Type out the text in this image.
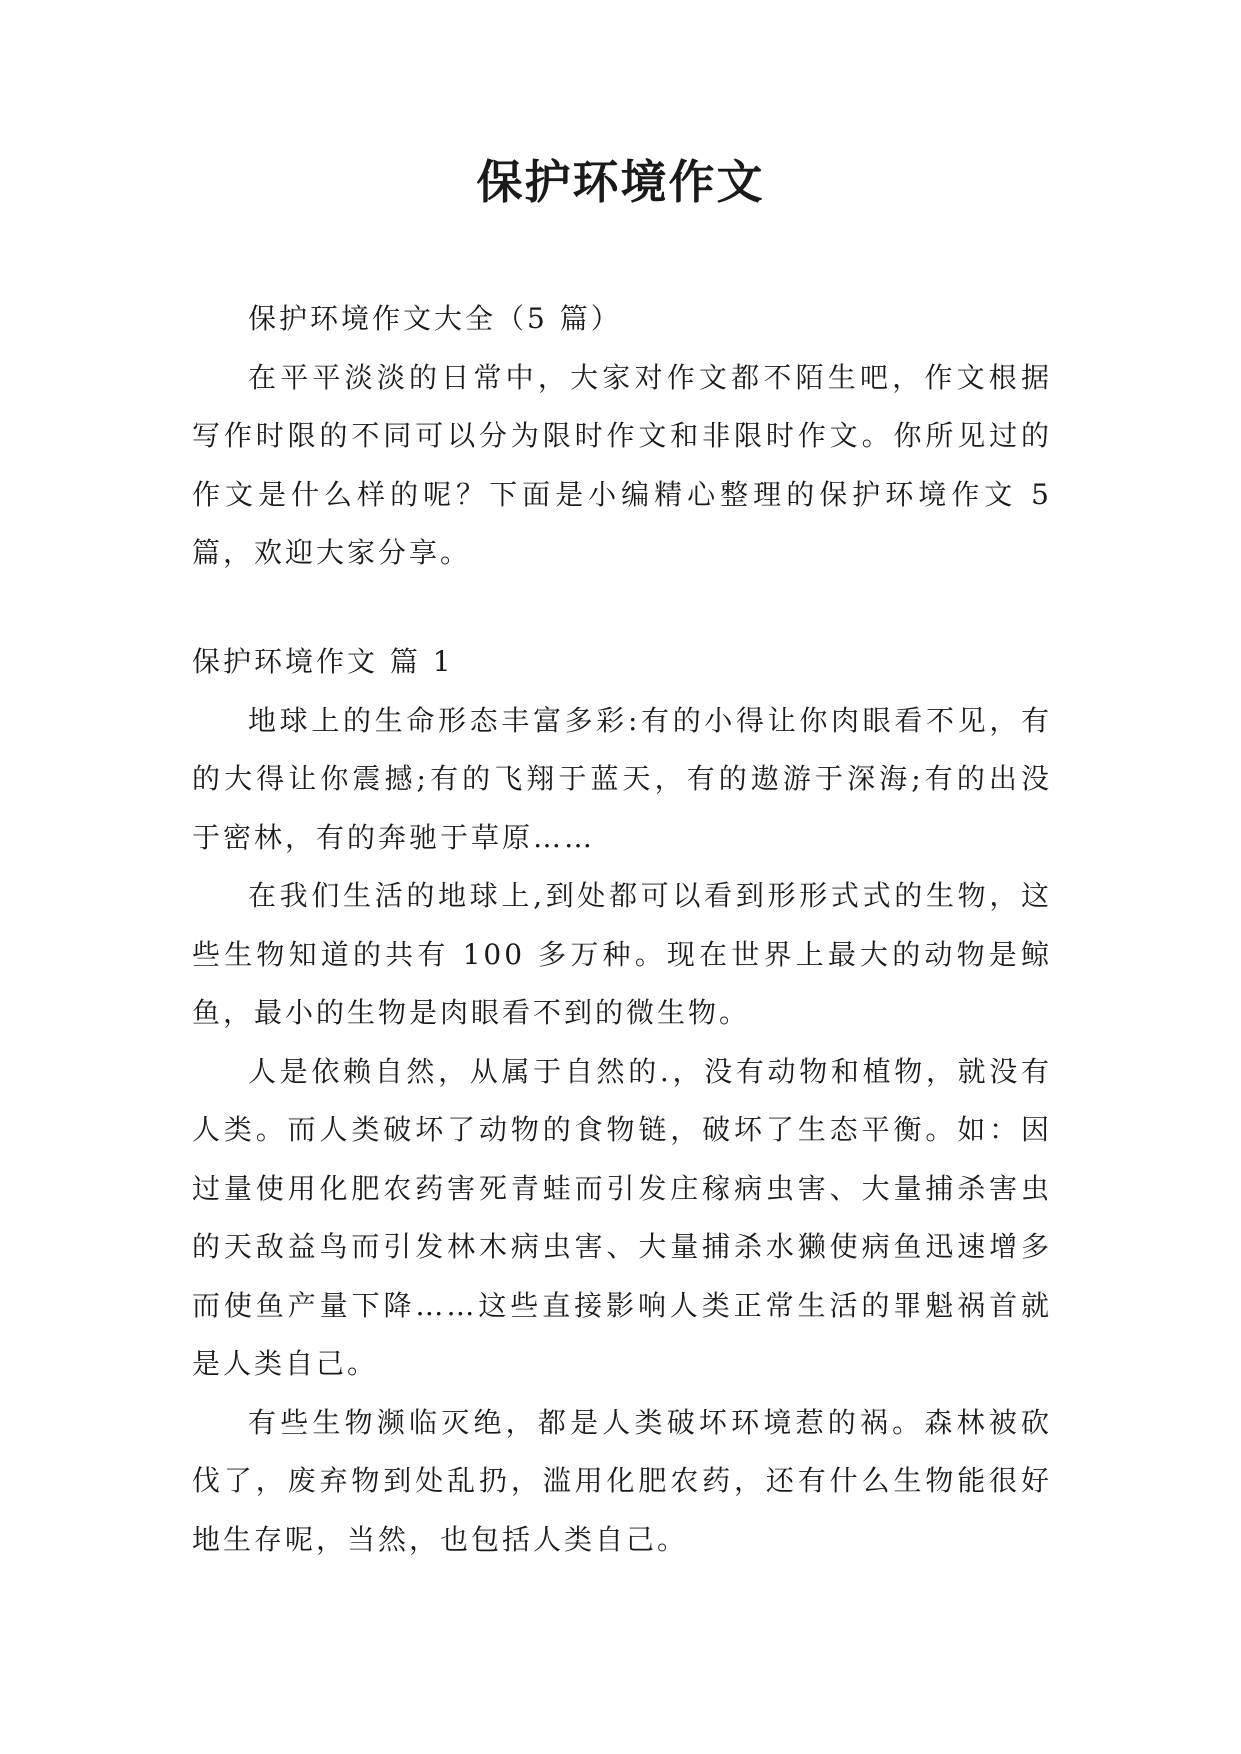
保护环境作文

保护环境作文大全（5 篇）

在平平淡淡的日常中，大家对作文都不陌生吧，作文根据写作时限的不同可以分为限时作文和非限时作文。你所见过的作文是什么样的呢？下面是小编精心整理的保护环境作文 5 篇，欢迎大家分享。

保护环境作文 篇 1

地球上的生命形态丰富多彩:有的小得让你肉眼看不见，有的大得让你震撼;有的飞翔于蓝天，有的遨游于深海;有的出没于密林，有的奔驰于草原……

在我们生活的地球上,到处都可以看到形形式式的生物，这些生物知道的共有 100 多万种。现在世界上最大的动物是鲸鱼，最小的生物是肉眼看不到的微生物。

人是依赖自然，从属于自然的.，没有动物和植物，就没有人类。而人类破坏了动物的食物链，破坏了生态平衡。如：因过量使用化肥农药害死青蛙而引发庄稼病虫害、大量捕杀害虫的天敌益鸟而引发林木病虫害、大量捕杀水獭使病鱼迅速增多而使鱼产量下降……这些直接影响人类正常生活的罪魁祸首就是人类自己。

有些生物濒临灭绝，都是人类破坏环境惹的祸。森林被砍伐了，废弃物到处乱扔，滥用化肥农药，还有什么生物能很好地生存呢，当然，也包括人类自己。
